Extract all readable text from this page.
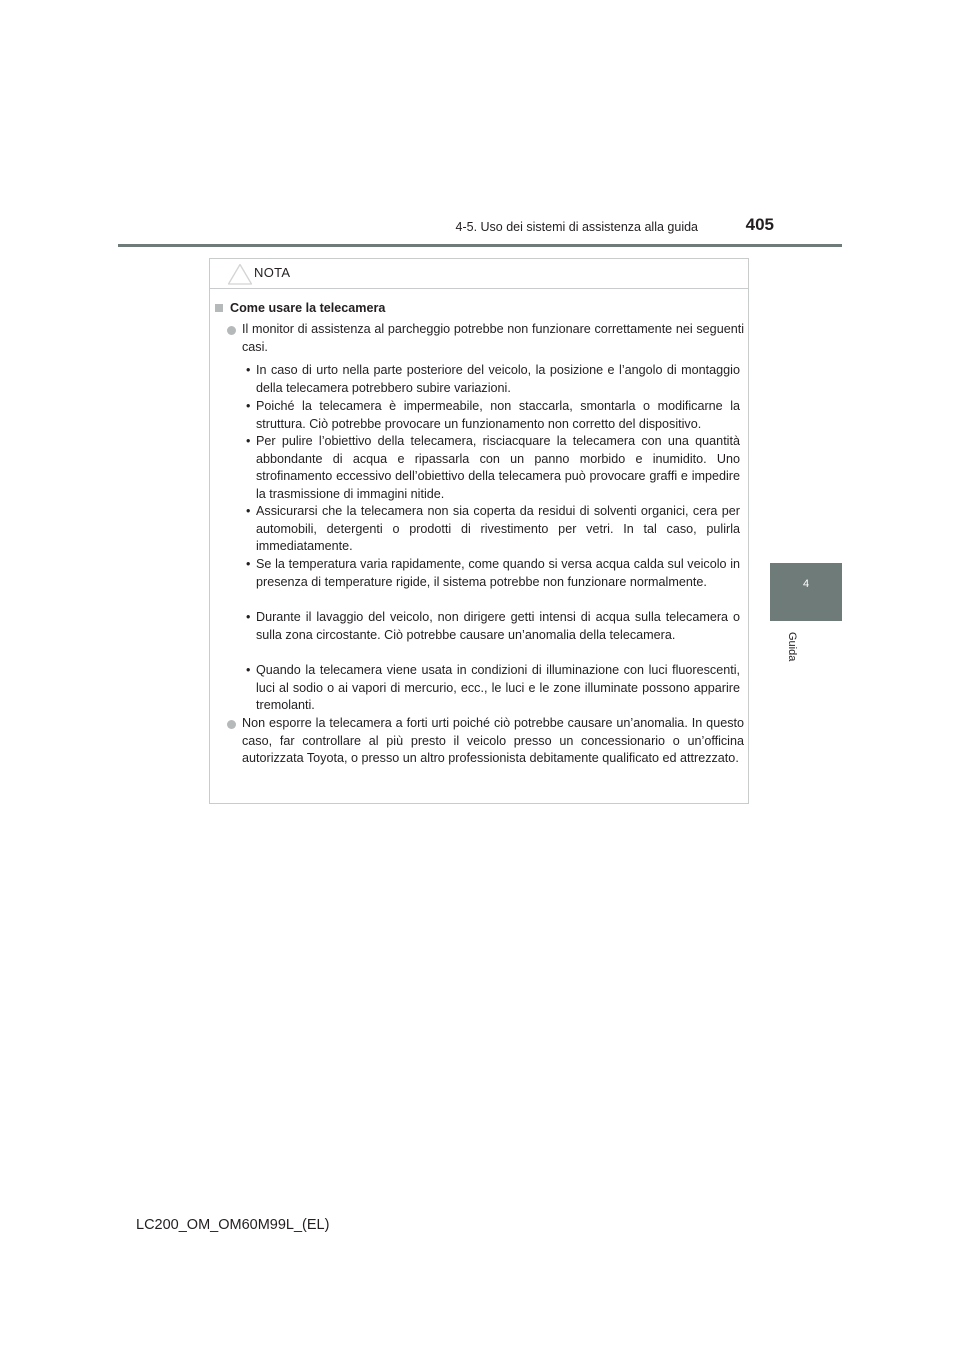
4-5. Uso dei sistemi di assistenza alla guida	405
4
Guida
NOTA
Come usare la telecamera
Il monitor di assistenza al parcheggio potrebbe non funzionare correttamente nei seguenti casi.
• In caso di urto nella parte posteriore del veicolo, la posizione e l’angolo di montaggio della telecamera potrebbero subire variazioni.
• Poiché la telecamera è impermeabile, non staccarla, smontarla o modificarne la struttura. Ciò potrebbe provocare un funzionamento non corretto del dispositivo.
• Per pulire l’obiettivo della telecamera, risciacquare la telecamera con una quantità abbondante di acqua e ripassarla con un panno morbido e inumidito. Uno strofinamento eccessivo dell’obiettivo della telecamera può provocare graffi e impedire la trasmissione di immagini nitide.
• Assicurarsi che la telecamera non sia coperta da residui di solventi organici, cera per automobili, detergenti o prodotti di rivestimento per vetri. In tal caso, pulirla immediatamente.
• Se la temperatura varia rapidamente, come quando si versa acqua calda sul veicolo in presenza di temperature rigide, il sistema potrebbe non funzionare normalmente.
• Durante il lavaggio del veicolo, non dirigere getti intensi di acqua sulla telecamera o sulla zona circostante. Ciò potrebbe causare un’anomalia della telecamera.
• Quando la telecamera viene usata in condizioni di illuminazione con luci fluorescenti, luci al sodio o ai vapori di mercurio, ecc., le luci e le zone illuminate possono apparire tremolanti.
Non esporre la telecamera a forti urti poiché ciò potrebbe causare un’anomalia. In questo caso, far controllare al più presto il veicolo presso un concessionario o un’officina autorizzata Toyota, o presso un altro professionista debitamente qualificato ed attrezzato.
LC200_OM_OM60M99L_(EL)
